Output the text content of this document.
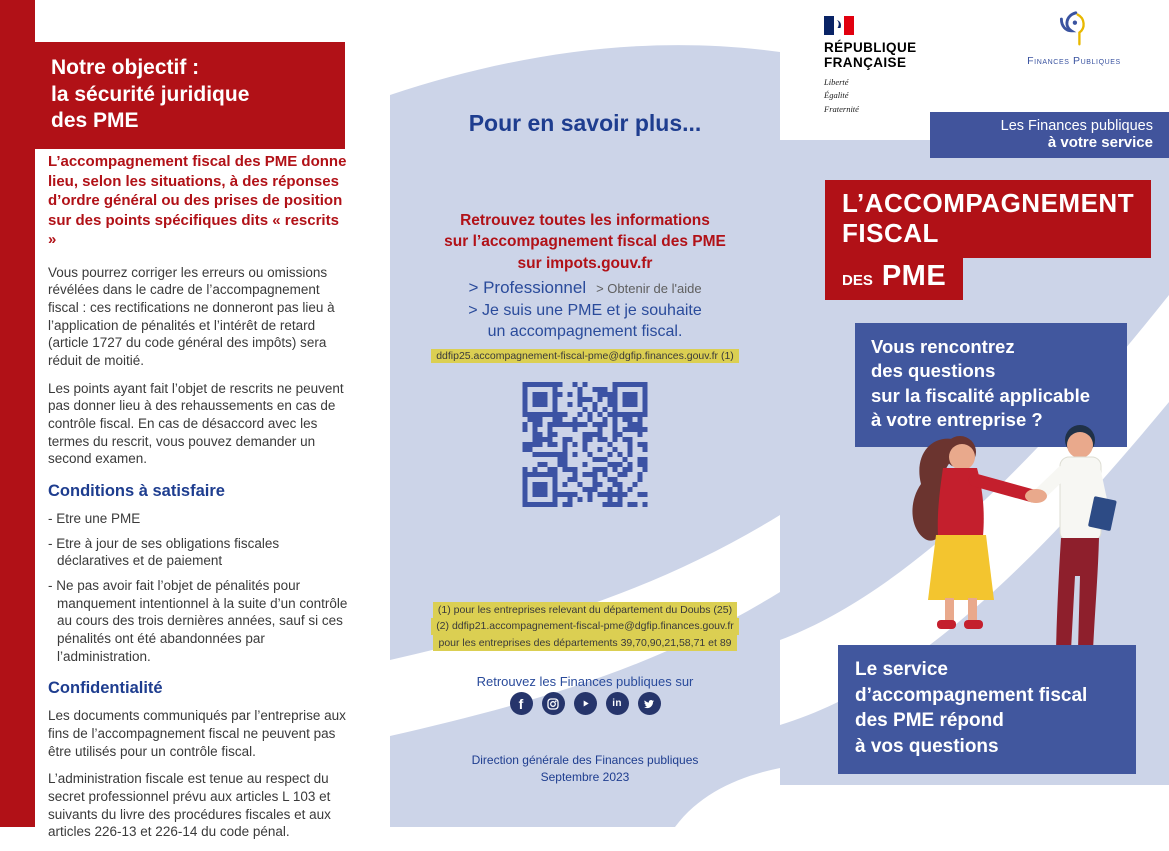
Notre objectif :
la sécurité juridique
des PME

L’accompagnement fiscal des PME donne lieu, selon les situations, à des réponses d’ordre général ou des prises de position sur des points spécifiques dits « rescrits »

Vous pourrez corriger les erreurs ou omissions révélées dans le cadre de l’accompagnement fiscal : ces rectifications ne donneront pas lieu à l’application de pénalités et l’intérêt de retard (article 1727 du code général des impôts) sera réduit de moitié.

Les points ayant fait l’objet de rescrits ne peuvent pas donner lieu à des rehaussements en cas de contrôle fiscal. En cas de désaccord avec les termes du rescrit, vous pouvez demander un second examen.

Conditions à satisfaire

- Etre une PME

- Etre à jour de ses obligations fiscales déclaratives et de paiement

- Ne pas avoir fait l’objet de pénalités pour manquement intentionnel à la suite d’un contrôle au cours des trois dernières années, sauf si ces pénalités ont été abandonnées par l’administration.

Confidentialité

Les documents communiqués par l’entreprise aux fins de l’accompagnement fiscal ne peuvent pas être utilisés pour un contrôle fiscal.

L’administration fiscale est tenue au respect du secret professionnel prévu aux articles L 103 et suivants du livre des procédures fiscales et aux articles 226-13 et 226-14 du code pénal.

Pour en savoir plus...
Retrouvez toutes les informations
sur l’accompagnement fiscal des PME
sur impots.gouv.fr
> Professionnel > Obtenir de l'aide
> Je suis une PME et je souhaite
un accompagnement fiscal.
ddfip25.accompagnement-fiscal-pme@dgfip.finances.gouv.fr (1)
(1) pour les entreprises relevant du département du Doubs (25)
(2) ddfip21.accompagnement-fiscal-pme@dgfip.finances.gouv.fr
pour les entreprises des départements 39,70,90,21,58,71 et 89
Retrouvez les Finances publiques sur
f	in
Direction générale des Finances publiques
Septembre 2023
RÉPUBLIQUE
FRANÇAISE
Liberté
Égalité
Fraternité
Finances Publiques
Les Finances publiques
à votre service
L’ACCOMPAGNEMENT
FISCAL
DES PME
Vous rencontrez
des questions
sur la fiscalité applicable
à votre entreprise ?
Le service
d’accompagnement fiscal
des PME répond
à vos questions
